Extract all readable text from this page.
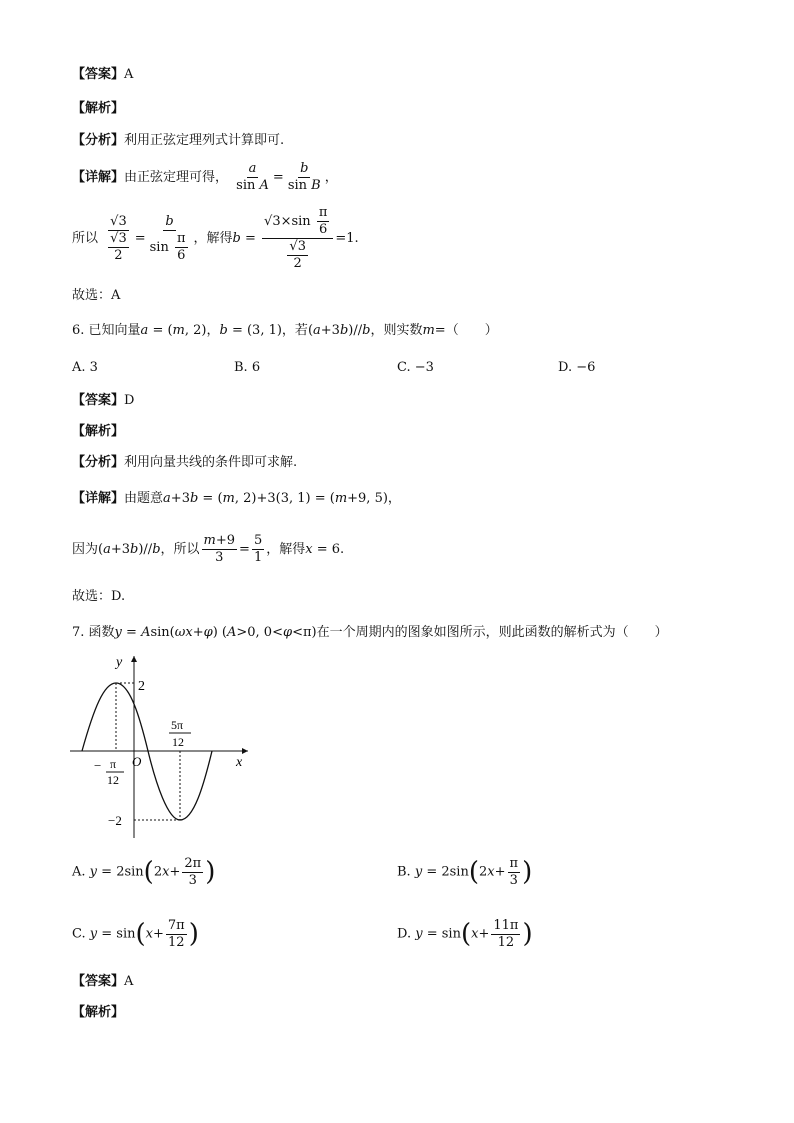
【答案】A
【解析】
【分析】利用正弦定理列式计算即可.
【详解】由正弦定理可得， $\frac{a}{\text{sin A}} = \frac{b}{\text{sin B}}$ ，
所以 $\frac{√3}{\frac{√3}{2}} = \frac{b}{\sin \frac{\pi}{6}}$ ，解得$b = \frac{√3\times\sin \frac{\pi}{6}}{\frac{√3}{2}} =1$.
故选：A
6. 已知向量a = (m, 2)，b = (3, 1)，若(a+3b)//b，则实数m=（　　）
A. 3	B. 6	C. −3	D. −6
【答案】D
【解析】
【分析】利用向量共线的条件即可求解.
【详解】由题意a+3b = (m, 2)+3(3, 1) = (m+9, 5)，
因为(a+3b)//b，所以 $\frac{m+9}{3} = \frac{5}{1}$ ，解得x = 6.
故选：D.
7. 函数y = Asin(ωx+φ) (A>0, 0<φ<π)在一个周期内的图象如图所示，则此函数的解析式为（　　）
y
x
O
2
−2
− π
12
5π
12
A. $y = 2\sin(2x+ \frac{2\pi}{3}$ )	B. $y = 2\sin(2x+ \frac{\pi}{3}$ )
C. $y = \sin(x+ \frac{7\pi}{12}$ )	D. $y = \sin(x+ \frac{11\pi}{12}$ )
【答案】A
【解析】
